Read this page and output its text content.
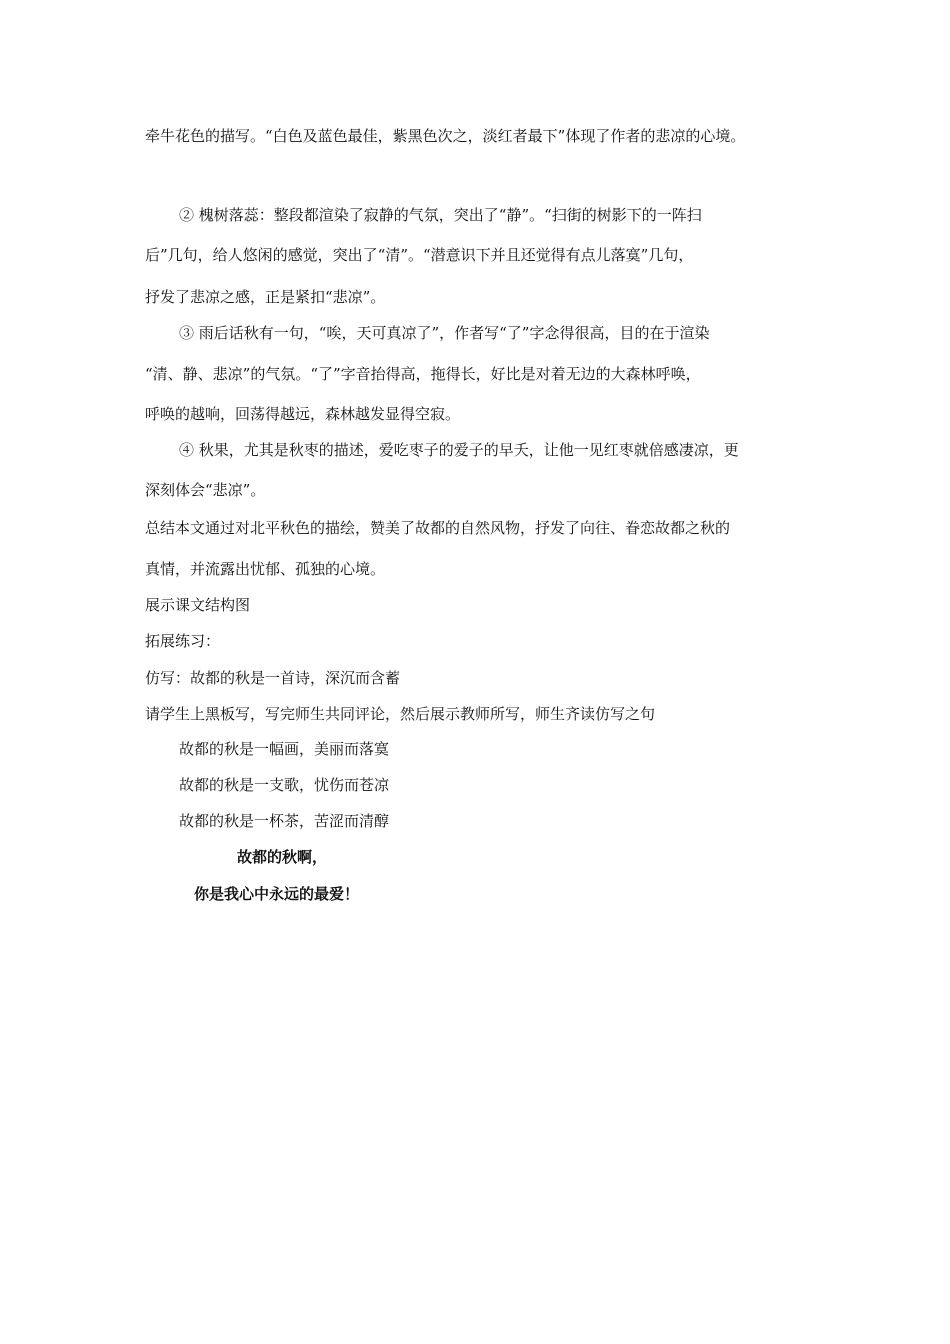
牵牛花色的描写。“白色及蓝色最佳，紫黑色次之，淡红者最下”体现了作者的悲凉的心境。

② 槐树落蕊：整段都渲染了寂静的气氛，突出了“静”。“扫街的树影下的一阵扫

后”几句，给人悠闲的感觉，突出了“清”。“潜意识下并且还觉得有点儿落寞”几句，

抒发了悲凉之感，正是紧扣“悲凉”。

③ 雨后话秋有一句，“唉，天可真凉了”，作者写“了”字念得很高，目的在于渲染

“清、静、悲凉”的气氛。“了”字音抬得高，拖得长，好比是对着无边的大森林呼唤，

呼唤的越响，回荡得越远，森林越发显得空寂。

④ 秋果，尤其是秋枣的描述，爱吃枣子的爱子的早夭，让他一见红枣就倍感凄凉，更

深刻体会“悲凉”。

总结本文通过对北平秋色的描绘，赞美了故都的自然风物，抒发了向往、眷恋故都之秋的

真情，并流露出忧郁、孤独的心境。

展示课文结构图

拓展练习：

仿写：故都的秋是一首诗，深沉而含蓄

请学生上黑板写，写完师生共同评论，然后展示教师所写，师生齐读仿写之句

故都的秋是一幅画，美丽而落寞

故都的秋是一支歌，忧伤而苍凉

故都的秋是一杯茶，苦涩而清醇

故都的秋啊，

你是我心中永远的最爱！
